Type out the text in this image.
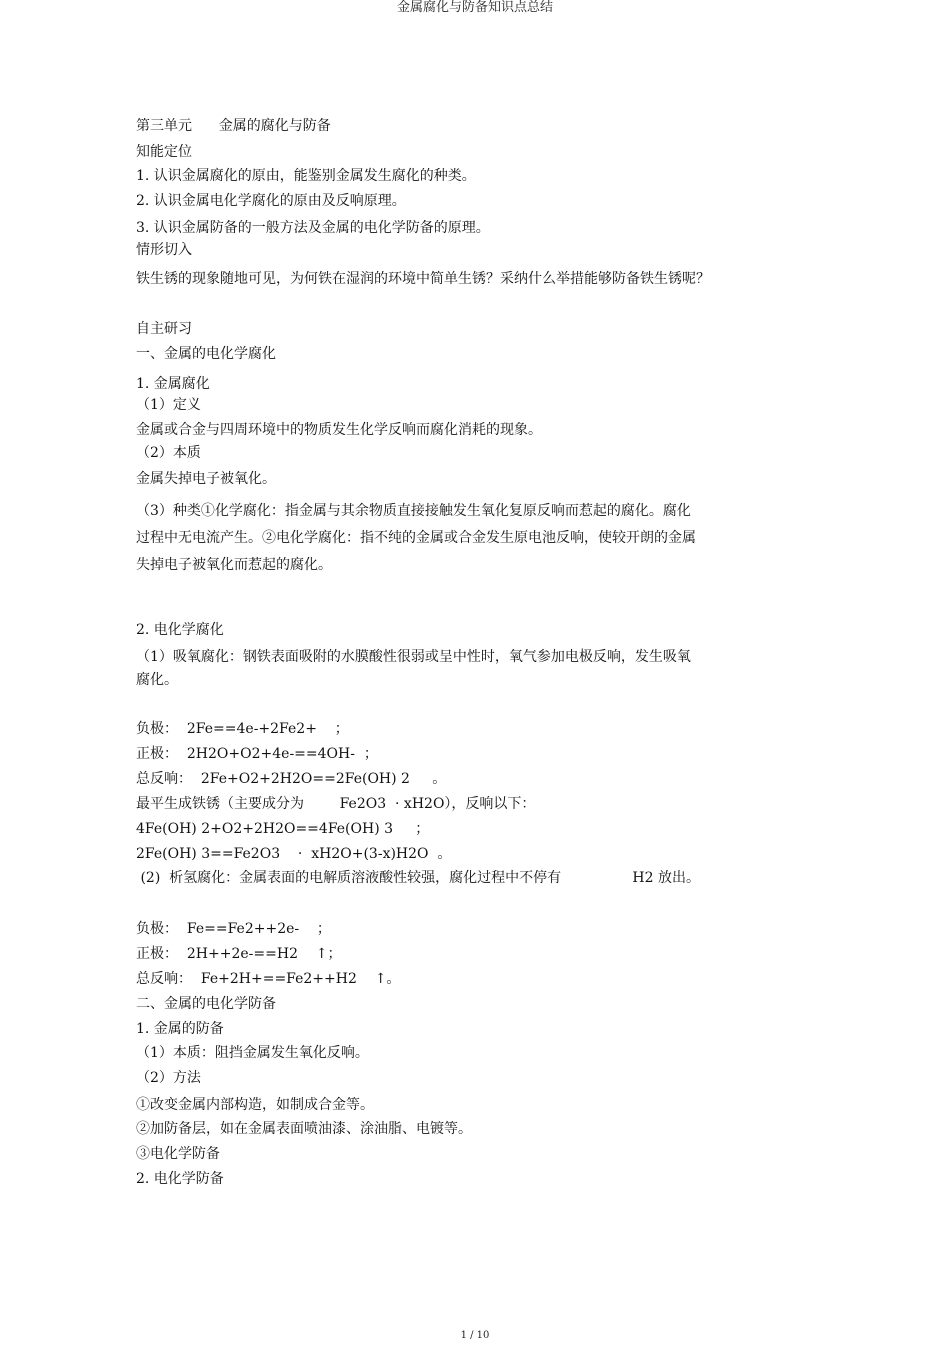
金属腐化与防备知识点总结
第三单元      金属的腐化与防备
知能定位
1. 认识金属腐化的原由，能鉴别金属发生腐化的种类。
2. 认识金属电化学腐化的原由及反响原理。
3. 认识金属防备的一般方法及金属的电化学防备的原理。
情形切入
铁生锈的现象随地可见，为何铁在湿润的环境中简单生锈？采纳什么举措能够防备铁生锈呢？
自主研习
一、金属的电化学腐化
1. 金属腐化
（1）定义
金属或合金与四周环境中的物质发生化学反响而腐化消耗的现象。
（2）本质
金属失掉电子被氧化。
（3）种类①化学腐化：指金属与其余物质直接接触发生氧化复原反响而惹起的腐化。腐化
过程中无电流产生。②电化学腐化：指不纯的金属或合金发生原电池反响，使较开朗的金属
失掉电子被氧化而惹起的腐化。
2. 电化学腐化
（1）吸氧腐化：钢铁表面吸附的水膜酸性很弱或呈中性时，氧气参加电极反响，发生吸氧
腐化。
负极：  2Fe==4e-+2Fe2+    ；
正极：  2H2O+O2+4e-==4OH-  ；
总反响：  2Fe+O2+2H2O==2Fe(OH) 2     。
最平生成铁锈（主要成分为        Fe2O3  · xH2O），反响以下：
4Fe(OH) 2+O2+2H2O==4Fe(OH) 3     ；
2Fe(OH) 3==Fe2O3    ·  xH2O+(3-x)H2O  。
(2)  析氢腐化：金属表面的电解质溶液酸性较强，腐化过程中不停有                H2 放出。
负极：  Fe==Fe2++2e-    ；
正极：  2H++2e-==H2    ↑；
总反响：  Fe+2H+==Fe2++H2    ↑。
二、金属的电化学防备
1. 金属的防备
（1）本质：阻挡金属发生氧化反响。
（2）方法
①改变金属内部构造，如制成合金等。
②加防备层，如在金属表面喷油漆、涂油脂、电镀等。
③电化学防备
2. 电化学防备
1 / 10
